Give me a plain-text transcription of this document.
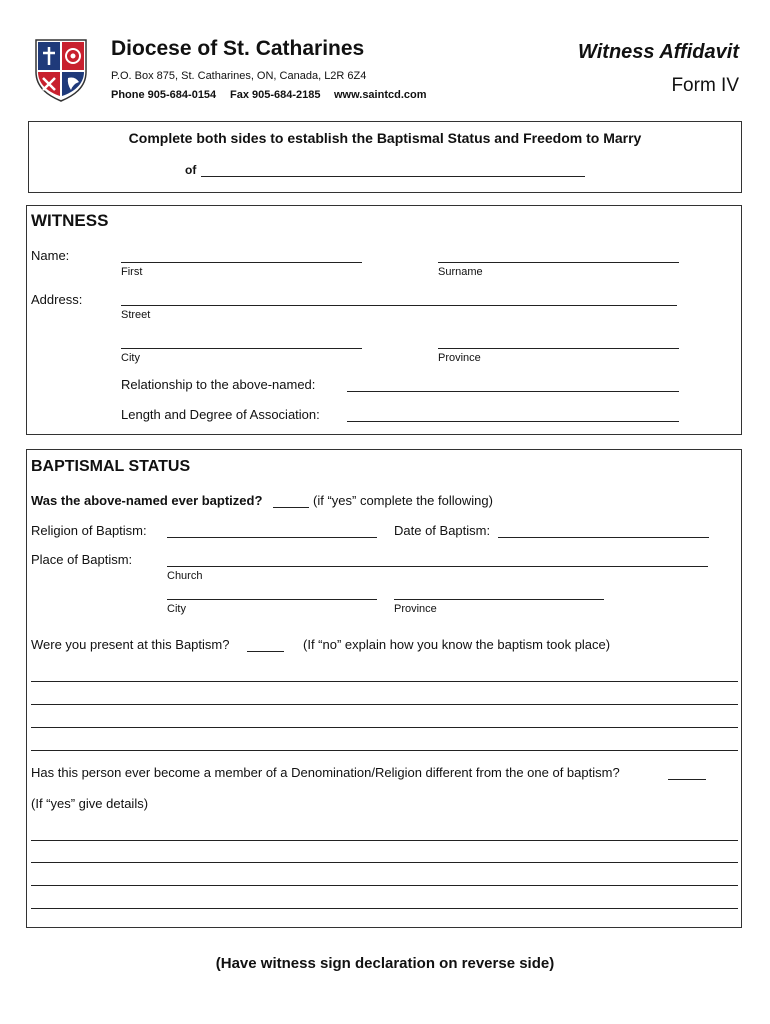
Diocese of St. Catharines
P.O. Box 875, St. Catharines, ON, Canada, L2R 6Z4
Phone 905-684-0154 Fax 905-684-2185 www.saintcd.com
Witness Affidavit
Form IV
Complete both sides to establish the Baptismal Status and Freedom to Marry
of
WITNESS
Name:
First	Surname
Address:
Street
City	Province
Relationship to the above-named:
Length and Degree of Association:
BAPTISMAL STATUS
Was the above-named ever baptized?	(if “yes” complete the following)
Religion of Baptism:	Date of Baptism:
Place of Baptism:
Church
City	Province
Were you present at this Baptism?	(If “no” explain how you know the baptism took place)
Has this person ever become a member of a Denomination/Religion different from the one of baptism?
(If “yes” give details)
(Have witness sign declaration on reverse side)
